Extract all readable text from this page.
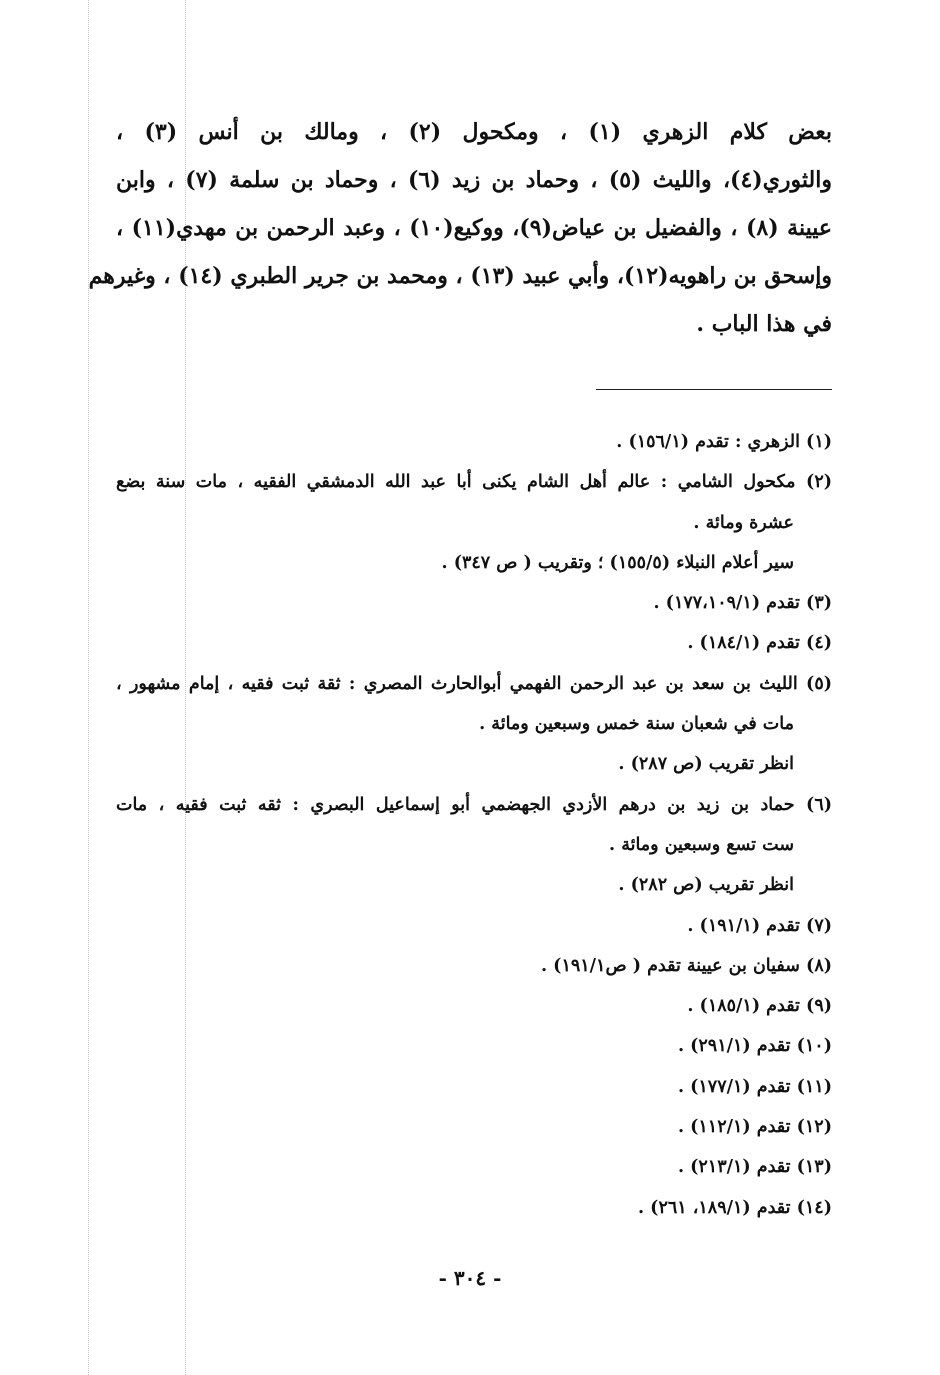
بعض كلام الزهري (١) ، ومكحول (٢) ، ومالك بن أنس (٣) ،
والثوري(٤)، والليث (٥) ، وحماد بن زيد (٦) ، وحماد بن سلمة (٧) ، وابن
عيينة (٨) ، والفضيل بن عياض(٩)، ووكيع(١٠) ، وعبد الرحمن بن مهدي(١١) ،
وإسحق بن راهويه(١٢)، وأبي عبيد (١٣) ، ومحمد بن جرير الطبري (١٤) ، وغيرهم
في هذا الباب .
(١) الزهري : تقدم (١٥٦/١) .
(٢) مكحول الشامي : عالم أهل الشام يكنى أبا عبد الله الدمشقي الفقيه ، مات سنة بضع
عشرة ومائة .
سير أعلام النبلاء (١٥٥/٥) ؛ وتقريب ( ص ٣٤٧) .
(٣) تقدم (١٧٧،١٠٩/١) .
(٤) تقدم (١٨٤/١) .
(٥) الليث بن سعد بن عبد الرحمن الفهمي أبوالحارث المصري : ثقة ثبت فقيه ، إمام مشهور ،
مات في شعبان سنة خمس وسبعين ومائة .
انظر تقريب (ص ٢٨٧) .
(٦) حماد بن زيد بن درهم الأزدي الجهضمي أبو إسماعيل البصري : ثقه ثبت فقيه ، مات
ست تسع وسبعين ومائة .
انظر تقريب (ص ٢٨٢) .
(٧) تقدم (١٩١/١) .
(٨) سفيان بن عيينة تقدم ( ص١٩١/١) .
(٩) تقدم (١٨٥/١) .
(١٠) تقدم (٢٩١/١) .
(١١) تقدم (١٧٧/١) .
(١٢) تقدم (١١٢/١) .
(١٣) تقدم (٢١٣/١) .
(١٤) تقدم (١٨٩/١، ٢٦١) .
- ٣٠٤ -
